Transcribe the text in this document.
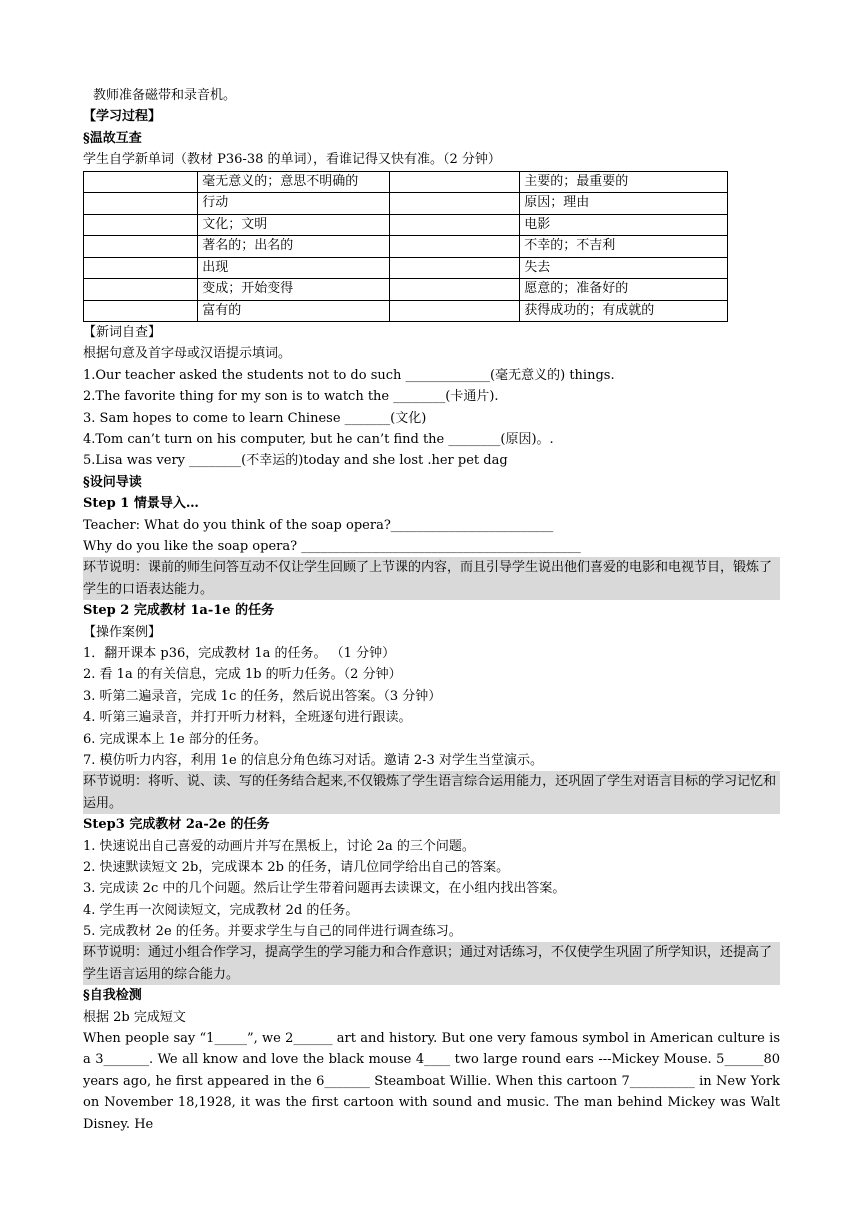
教师准备磁带和录音机。
【学习过程】
§温故互查
学生自学新单词（教材 P36-38 的单词），看谁记得又快有准。（2 分钟）
	毫无意义的；意思不明确的		主要的；最重要的
	行动		原因；理由
	文化；文明		电影
	著名的；出名的		不幸的；不吉利
	出现		失去
	变成；开始变得		愿意的；准备好的
	富有的		获得成功的；有成就的
【新词自查】
根据句意及首字母或汉语提示填词。
1.Our teacher asked the students not to do such _____________(毫无意义的) things.
2.The favorite thing for my son is to watch the ________(卡通片).
3. Sam hopes to come to learn Chinese _______(文化)
4.Tom can’t turn on his computer, but he can’t find the ________(原因)。.
5.Lisa was very ________(不幸运的)today and she lost .her pet dag
§设问导读
Step 1 情景导入…
Teacher: What do you think of the soap opera?_________________________
Why do you like the soap opera? ___________________________________________
环节说明：课前的师生问答互动不仅让学生回顾了上节课的内容，而且引导学生说出他们喜爱的电影和电视节目，锻炼了学生的口语表达能力。
Step 2 完成教材 1a-1e 的任务
【操作案例】
1．翻开课本 p36，完成教材 1a 的任务。 （1 分钟）
2. 看 1a 的有关信息，完成 1b 的听力任务。（2 分钟）
3. 听第二遍录音，完成 1c 的任务，然后说出答案。（3 分钟）
4. 听第三遍录音，并打开听力材料，全班逐句进行跟读。
6. 完成课本上 1e 部分的任务。
7. 模仿听力内容，利用 1e 的信息分角色练习对话。邀请 2-3 对学生当堂演示。
环节说明：将听、说、读、写的任务结合起来,不仅锻炼了学生语言综合运用能力，还巩固了学生对语言目标的学习记忆和运用。
Step3 完成教材 2a-2e 的任务
1. 快速说出自己喜爱的动画片并写在黑板上，讨论 2a 的三个问题。
2. 快速默读短文 2b，完成课本 2b 的任务，请几位同学给出自己的答案。
3. 完成读 2c 中的几个问题。然后让学生带着问题再去读课文，在小组内找出答案。
4. 学生再一次阅读短文，完成教材 2d 的任务。
5. 完成教材 2e 的任务。并要求学生与自己的同伴进行调查练习。
环节说明：通过小组合作学习，提高学生的学习能力和合作意识；通过对话练习，不仅使学生巩固了所学知识，还提高了学生语言运用的综合能力。
§自我检测
根据 2b 完成短文
When people say “1_____”, we 2______ art and history. But one very famous symbol in American culture is a 3_______. We all know and love the black mouse 4____ two large round ears ---Mickey Mouse. 5______80 years ago, he first appeared in the 6_______ Steamboat Willie. When this cartoon 7__________ in New York on November 18,1928, it was the first cartoon with sound and music. The man behind Mickey was Walt Disney. He
